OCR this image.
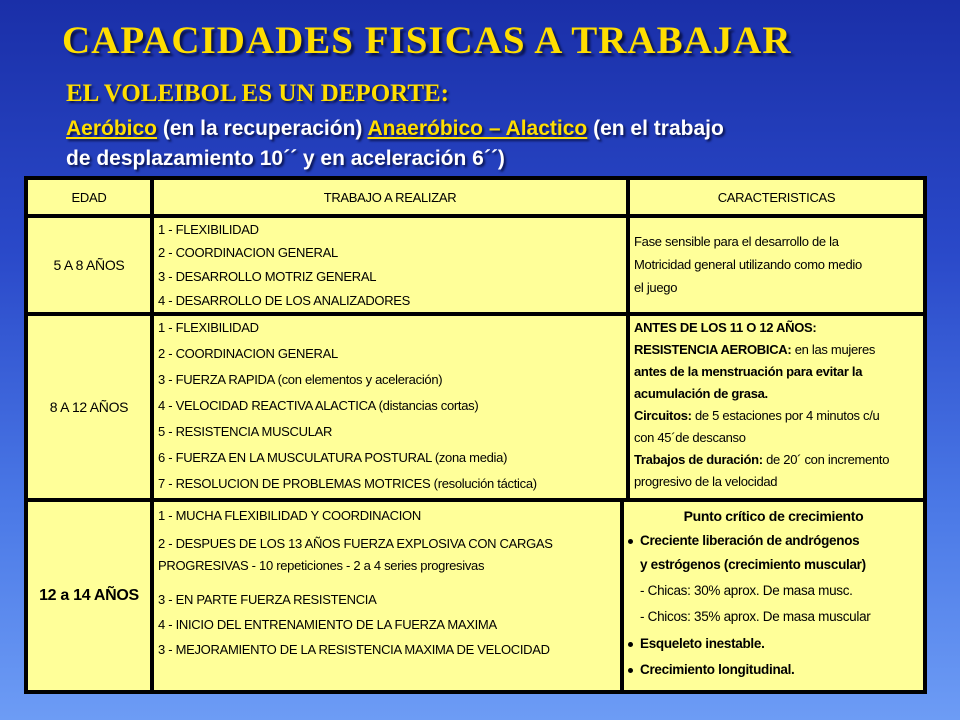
CAPACIDADES FISICAS A TRABAJAR
EL VOLEIBOL ES UN DEPORTE:
Aeróbico (en la recuperación) Anaeróbico – Alactico (en el trabajo
de desplazamiento 10´´ y en aceleración 6´´)
EDAD	TRABAJO A REALIZAR	CARACTERISTICAS
5 A 8 AÑOS
1 - FLEXIBILIDAD
2 - COORDINACION GENERAL
3 - DESARROLLO MOTRIZ GENERAL
4 - DESARROLLO DE LOS ANALIZADORES
Fase sensible para el desarrollo de la
Motricidad general utilizando como medio
el juego
8 A 12 AÑOS
1 - FLEXIBILIDAD
2 - COORDINACION GENERAL
3 - FUERZA RAPIDA (con elementos y aceleración)
4 - VELOCIDAD REACTIVA ALACTICA (distancias cortas)
5 - RESISTENCIA MUSCULAR
6 - FUERZA EN LA MUSCULATURA POSTURAL (zona media)
7 - RESOLUCION DE PROBLEMAS MOTRICES (resolución táctica)
ANTES DE LOS 11 O 12 AÑOS:
RESISTENCIA AEROBICA: en las mujeres
antes de la menstruación para evitar la
acumulación de grasa.
Circuitos: de 5 estaciones por 4 minutos c/u
con 45´de descanso
Trabajos de duración: de 20´ con incremento
progresivo de la velocidad
12 a 14 AÑOS
1 - MUCHA FLEXIBILIDAD Y COORDINACION
2 - DESPUES DE LOS 13 AÑOS FUERZA EXPLOSIVA CON CARGAS
PROGRESIVAS - 10 repeticiones - 2 a 4 series progresivas
3 - EN PARTE FUERZA RESISTENCIA
4 - INICIO DEL ENTRENAMIENTO DE LA FUERZA MAXIMA
3 - MEJORAMIENTO DE LA RESISTENCIA MAXIMA DE VELOCIDAD
Punto crítico de crecimiento
Creciente liberación de andrógenos
y estrógenos (crecimiento muscular)
- Chicas: 30% aprox. De masa musc.
- Chicos: 35% aprox. De masa muscular
Esqueleto inestable.
Crecimiento longitudinal.
